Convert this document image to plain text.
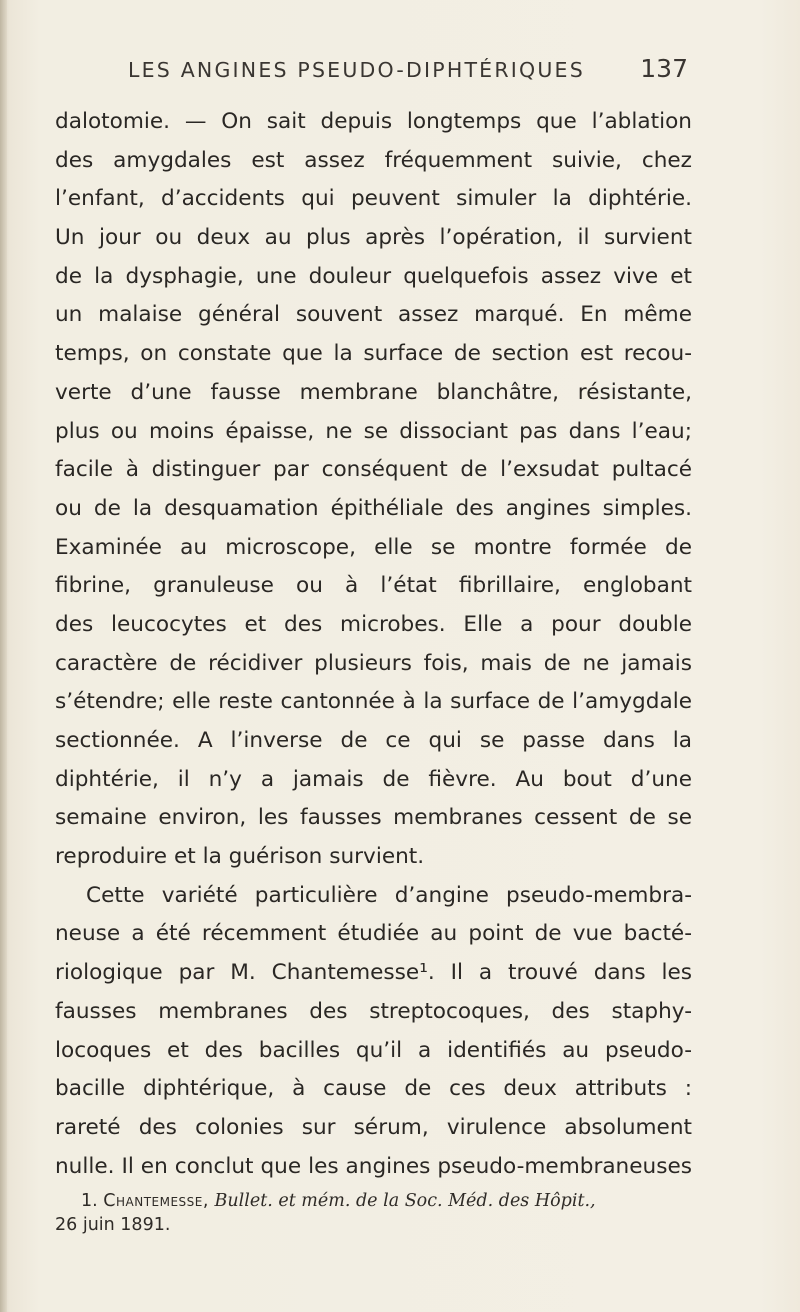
LES ANGINES PSEUDO-DIPHTÉRIQUES 137
dalotomie. — On sait depuis longtemps que l’ablation
des amygdales est assez fréquemment suivie, chez
l’enfant, d’accidents qui peuvent simuler la diphtérie.
Un jour ou deux au plus après l’opération, il survient
de la dysphagie, une douleur quelquefois assez vive et
un malaise général souvent assez marqué. En même
temps, on constate que la surface de section est recou-
verte d’une fausse membrane blanchâtre, résistante,
plus ou moins épaisse, ne se dissociant pas dans l’eau;
facile à distinguer par conséquent de l’exsudat pultacé
ou de la desquamation épithéliale des angines simples.
Examinée au microscope, elle se montre formée de
fibrine, granuleuse ou à l’état fibrillaire, englobant
des leucocytes et des microbes. Elle a pour double
caractère de récidiver plusieurs fois, mais de ne jamais
s’étendre; elle reste cantonnée à la surface de l’amygdale
sectionnée. A l’inverse de ce qui se passe dans la
diphtérie, il n’y a jamais de fièvre. Au bout d’une
semaine environ, les fausses membranes cessent de se
reproduire et la guérison survient.
Cette variété particulière d’angine pseudo-membra-
neuse a été récemment étudiée au point de vue bacté-
riologique par M. Chantemesse¹. Il a trouvé dans les
fausses membranes des streptocoques, des staphy-
locoques et des bacilles qu’il a identifiés au pseudo-
bacille diphtérique, à cause de ces deux attributs :
rareté des colonies sur sérum, virulence absolument
nulle. Il en conclut que les angines pseudo-membraneuses
1. Chantemesse, Bullet. et mém. de la Soc. Méd. des Hôpit.,
26 juin 1891.
